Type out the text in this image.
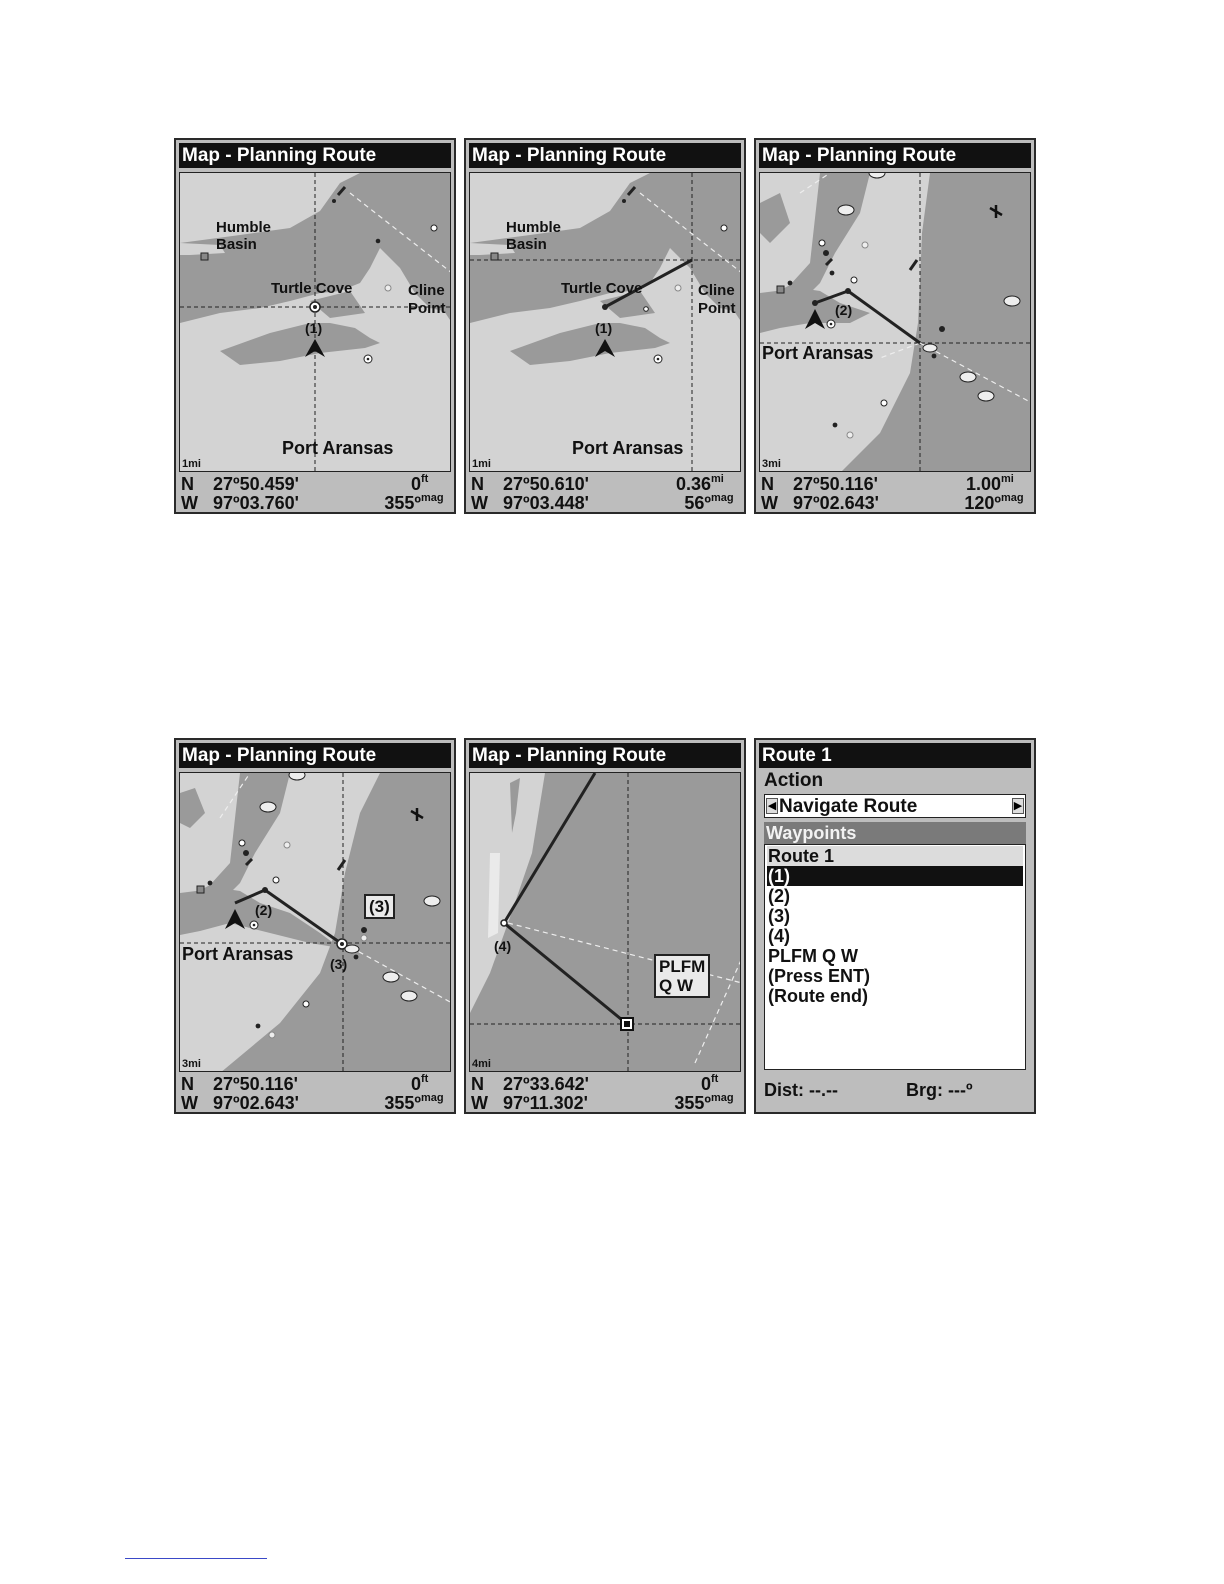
Map - Planning Route
Humble
Basin
Turtle Cove	Cline
Point
(1)
Port Aransas
1mi
N 27º50.459'	0 ft
W 97º03.760'	355º mag
Map - Planning Route
Humble
Basin
Turtle Cove	Cline
Point
(1)
Port Aransas
1mi
N 27º50.610'	0.36 mi
W 97º03.448'	56º mag
Map - Planning Route
(2)
Port Aransas
3mi
N 27º50.116'	1.00 mi
W 97º02.643'	120º mag
Map - Planning Route
(2)	(3)
Port Aransas	(3)
3mi
N 27º50.116'	0 ft
W 97º02.643'	355º mag
Map - Planning Route
(4)
PLFM
Q W
4mi
N 27º33.642'	0 ft
W 97º11.302'	355º mag
Route 1
Action
◀ Navigate Route	▶
Waypoints
Route 1
(1)
(2)
(3)
(4)
PLFM Q W
(Press ENT)
(Route end)
Dist: --.--	Brg: ---º
